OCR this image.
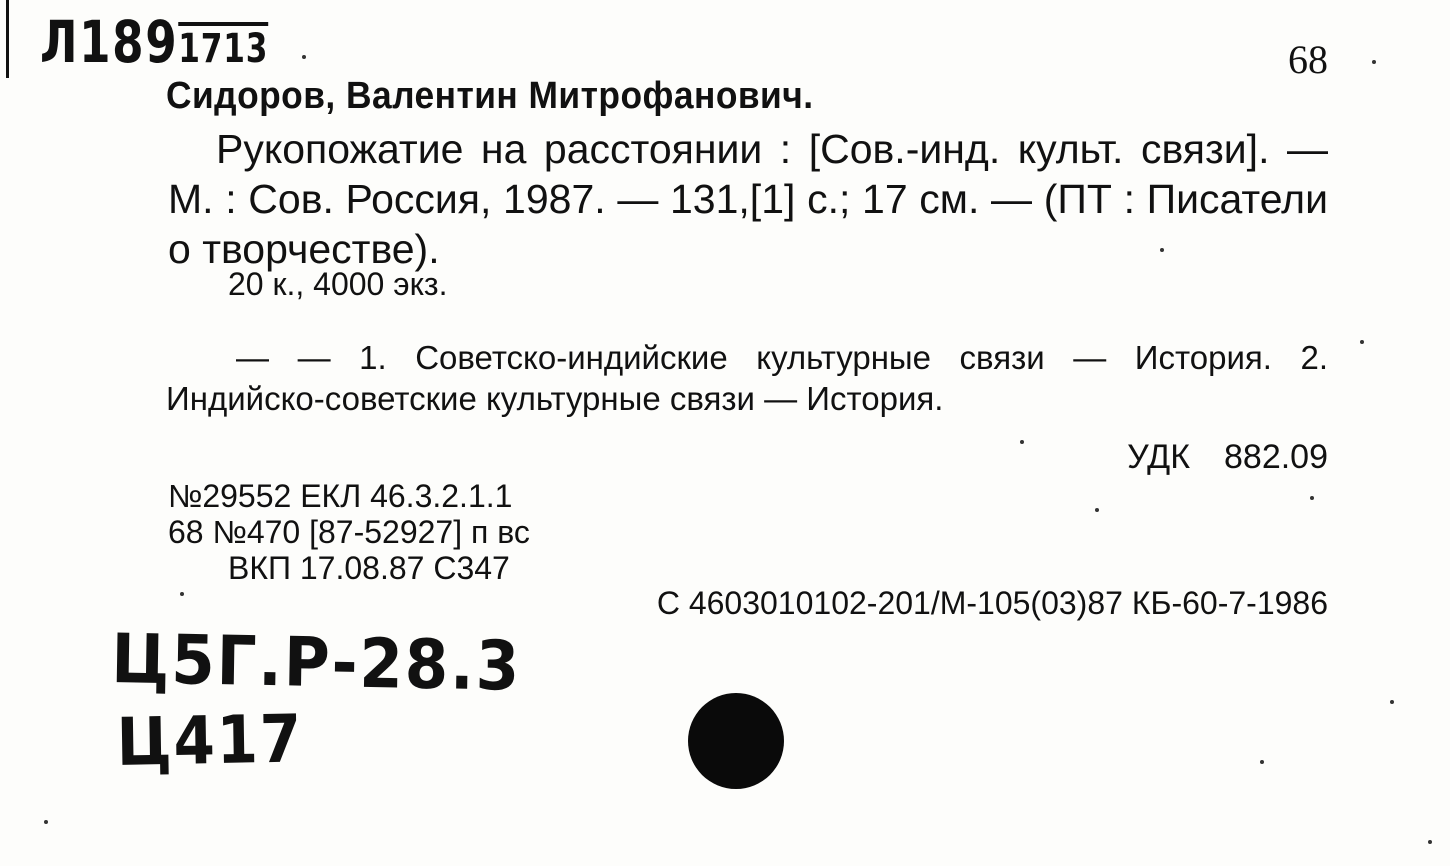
Л1891713	68
Сидоров, Валентин Митрофанович.
Рукопожатие на расстоянии : [Сов.-инд. культ. связи]. — М. : Сов. Россия, 1987. — 131,[1] с.; 17 см. — (ПТ : Писатели о творчестве).
20 к., 4000 экз.
— — 1. Советско-индийские культурные связи — История. 2. Индийско-советские культурные связи — История.
УДК 882.09
№29552 ЕКЛ 46.3.2.1.1
68 №470 [87-52927] п вс
ВКП 17.08.87 С347
С 4603010102-201/М-105(03)87 КБ-60-7-1986
Ц5Г.Р-28.3
Ц417
